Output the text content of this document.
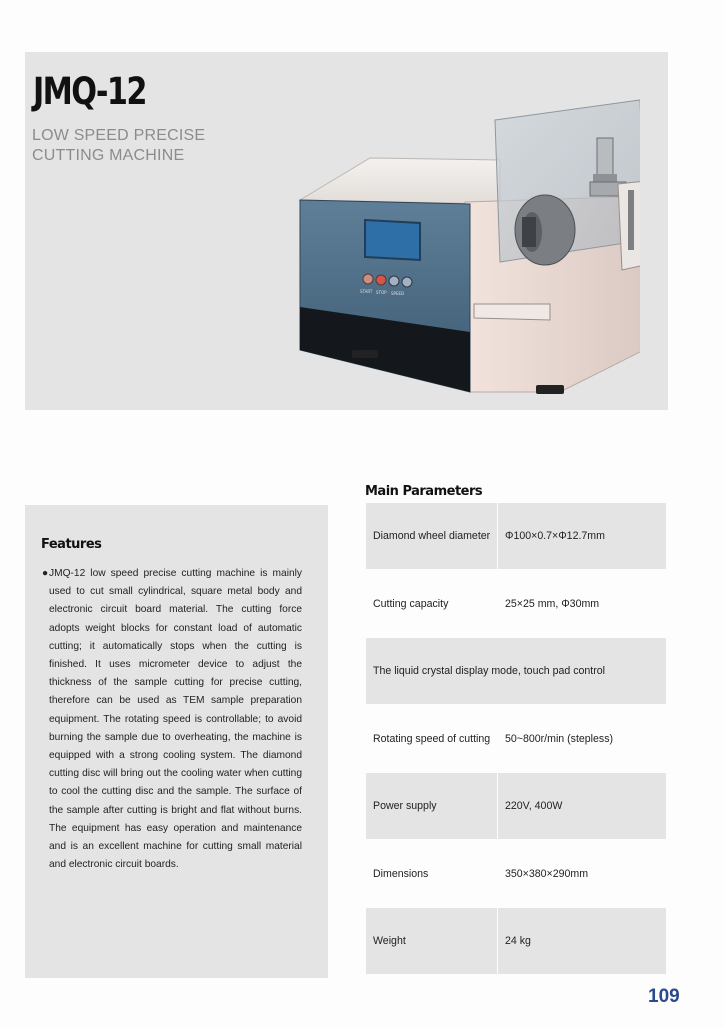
JMQ-12
LOW SPEED PRECISE
CUTTING MACHINE
START STOP SPEED
Features
● JMQ-12 low speed precise cutting machine is mainly used to cut small cylindrical, square metal body and electronic circuit board material. The cutting force adopts weight blocks for constant load of automatic cutting; it automatically stops when the cutting is finished. It uses micrometer device to adjust the thickness of the sample cutting for precise cutting, therefore can be used as TEM sample preparation equipment. The rotating speed is controllable; to avoid burning the sample due to overheating, the machine is equipped with a strong cooling system. The diamond cutting disc will bring out the cooling water when cutting to cool the cutting disc and the sample. The surface of the sample after cutting is bright and flat without burns. The equipment has easy operation and maintenance and is an excellent machine for cutting small material and electronic circuit boards.
Main Parameters
Diamond wheel diameter	Φ100×0.7×Φ12.7mm
Cutting capacity	25×25 mm, Φ30mm
The liquid crystal display mode, touch pad control
Rotating speed of cutting	50~800r/min (stepless)
Power supply	220V, 400W
Dimensions	350×380×290mm
Weight	24 kg
109
